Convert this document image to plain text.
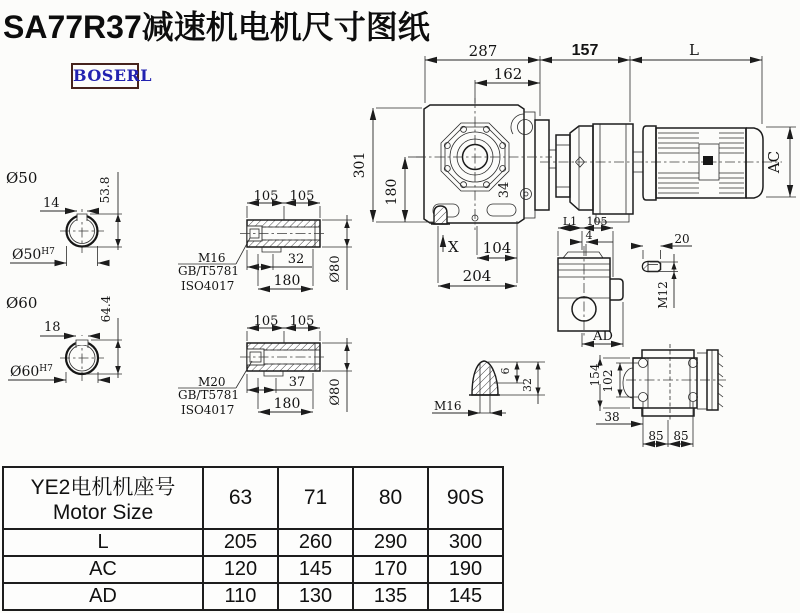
SA77R37减速机电机尺寸图纸
BOSERL
34
287	157	L
162
301
180
AC
X 104
204
Ø50
14
53.8
$Ø50^{H7}$
Ø60
18
64.4
$Ø60^{H7}$
105 105
M16
GB/T5781
ISO4017
32
180 Ø80
105 105
M20
GB/T5781
ISO4017
37
180 Ø80
L1 105
4
AD
20
M12
M16
6
32	154 102
38
85 85
YE2电机机座号
Motor Size	63	71	80	90S
L	205	260	290	300
AC	120	145	170	190
AD	110	130	135	145
